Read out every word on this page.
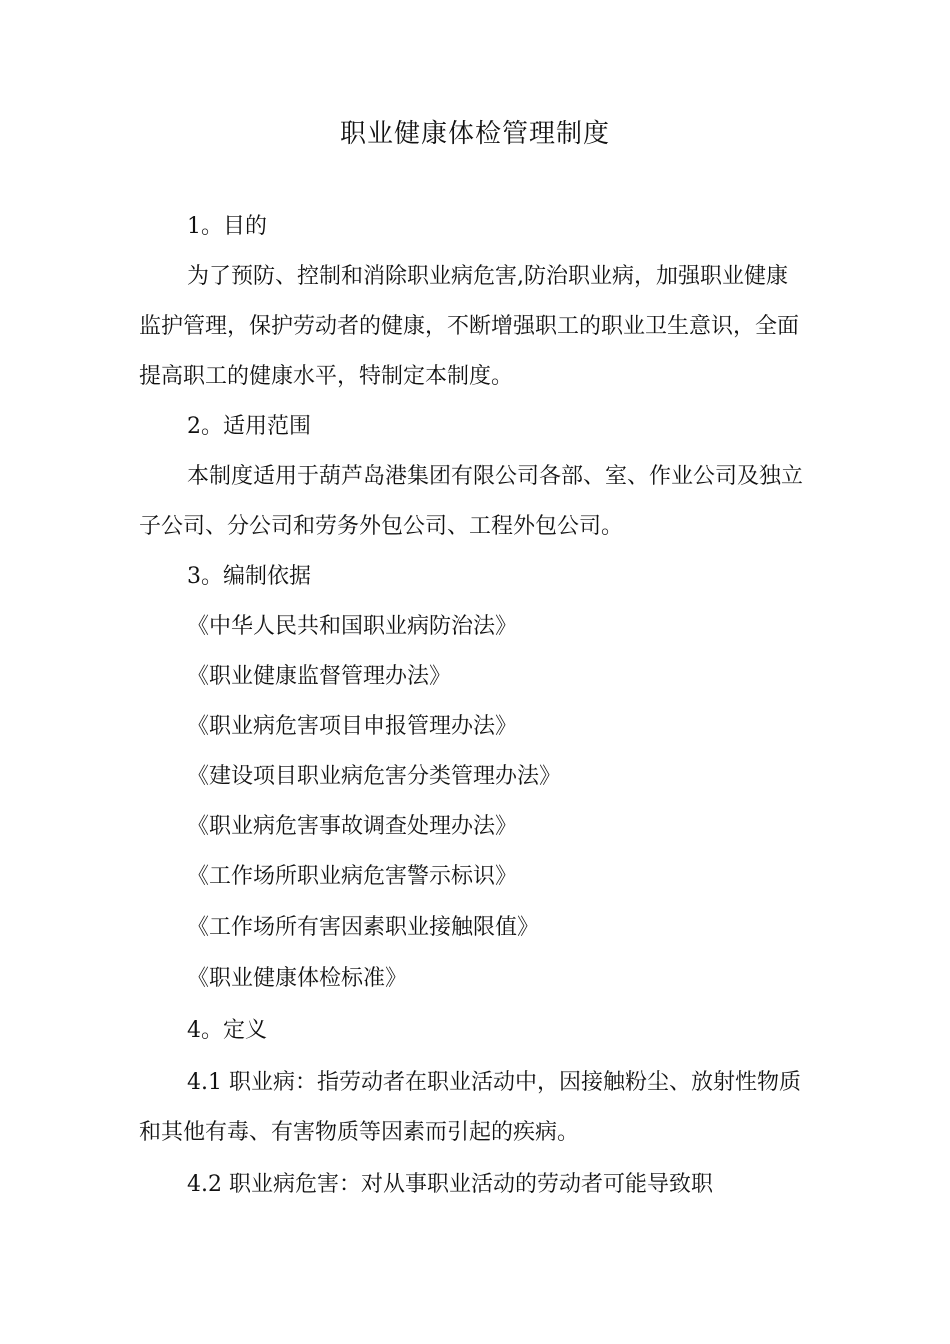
职业健康体检管理制度
1。目的
为了预防、控制和消除职业病危害,防治职业病，加强职业健康
监护管理，保护劳动者的健康，不断增强职工的职业卫生意识，全面
提高职工的健康水平，特制定本制度。
2。适用范围
本制度适用于葫芦岛港集团有限公司各部、室、作业公司及独立
子公司、分公司和劳务外包公司、工程外包公司。
3。编制依据
《中华人民共和国职业病防治法》
《职业健康监督管理办法》
《职业病危害项目申报管理办法》
《建设项目职业病危害分类管理办法》
《职业病危害事故调查处理办法》
《工作场所职业病危害警示标识》
《工作场所有害因素职业接触限值》
《职业健康体检标准》
4。定义
4.1 职业病：指劳动者在职业活动中，因接触粉尘、放射性物质
和其他有毒、有害物质等因素而引起的疾病。
4.2 职业病危害：对从事职业活动的劳动者可能导致职
